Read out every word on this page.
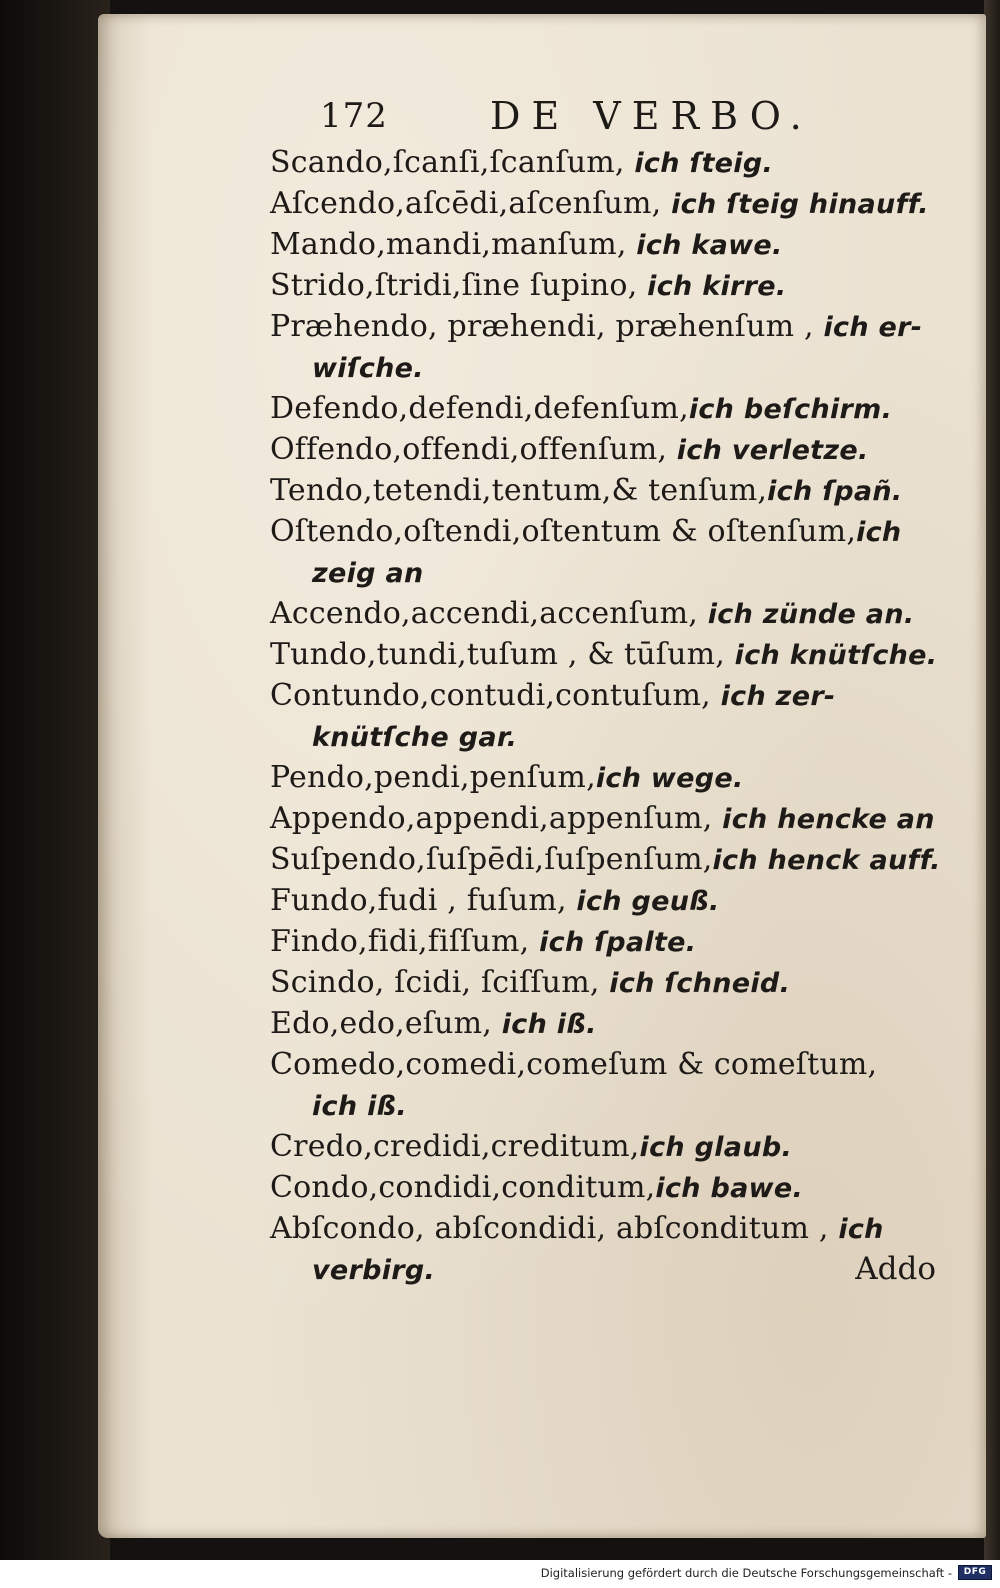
172	DE VERBO.
Scando,ſcanſi,ſcanſum, ich ſteig.
Aſcendo,aſcēdi,aſcenſum, ich ſteig hinauff.
Mando,mandi,manſum, ich kawe.
Strido,ſtridi,ſine ſupino, ich kirre.
Præhendo, præhendi, præhenſum , ich er-
wiſche.
Defendo,defendi,defenſum,ich beſchirm.
Offendo,offendi,offenſum, ich verletze.
Tendo,tetendi,tentum,& tenſum,ich ſpañ.
Oſtendo,oſtendi,oſtentum & oſtenſum,ich
zeig an
Accendo,accendi,accenſum, ich zünde an.
Tundo,tundi,tuſum , & tūſum, ich knütſche.
Contundo,contudi,contuſum, ich zer-
knütſche gar.
Pendo,pendi,penſum,ich wege.
Appendo,appendi,appenſum, ich hencke an
Suſpendo,ſuſpēdi,ſuſpenſum,ich henck auff.
Fundo,fudi , fuſum, ich geuß.
Findo,fidi,fiſſum, ich ſpalte.
Scindo, ſcidi, ſciſſum, ich ſchneid.
Edo,edo,eſum, ich iß.
Comedo,comedi,comeſum & comeſtum,
ich iß.
Credo,credidi,creditum,ich glaub.
Condo,condidi,conditum,ich bawe.
Abſcondo, abſcondidi, abſconditum , ich
verbirg.	Addo
Digitalisierung gefördert durch die Deutsche Forschungsgemeinschaft -	DFG
